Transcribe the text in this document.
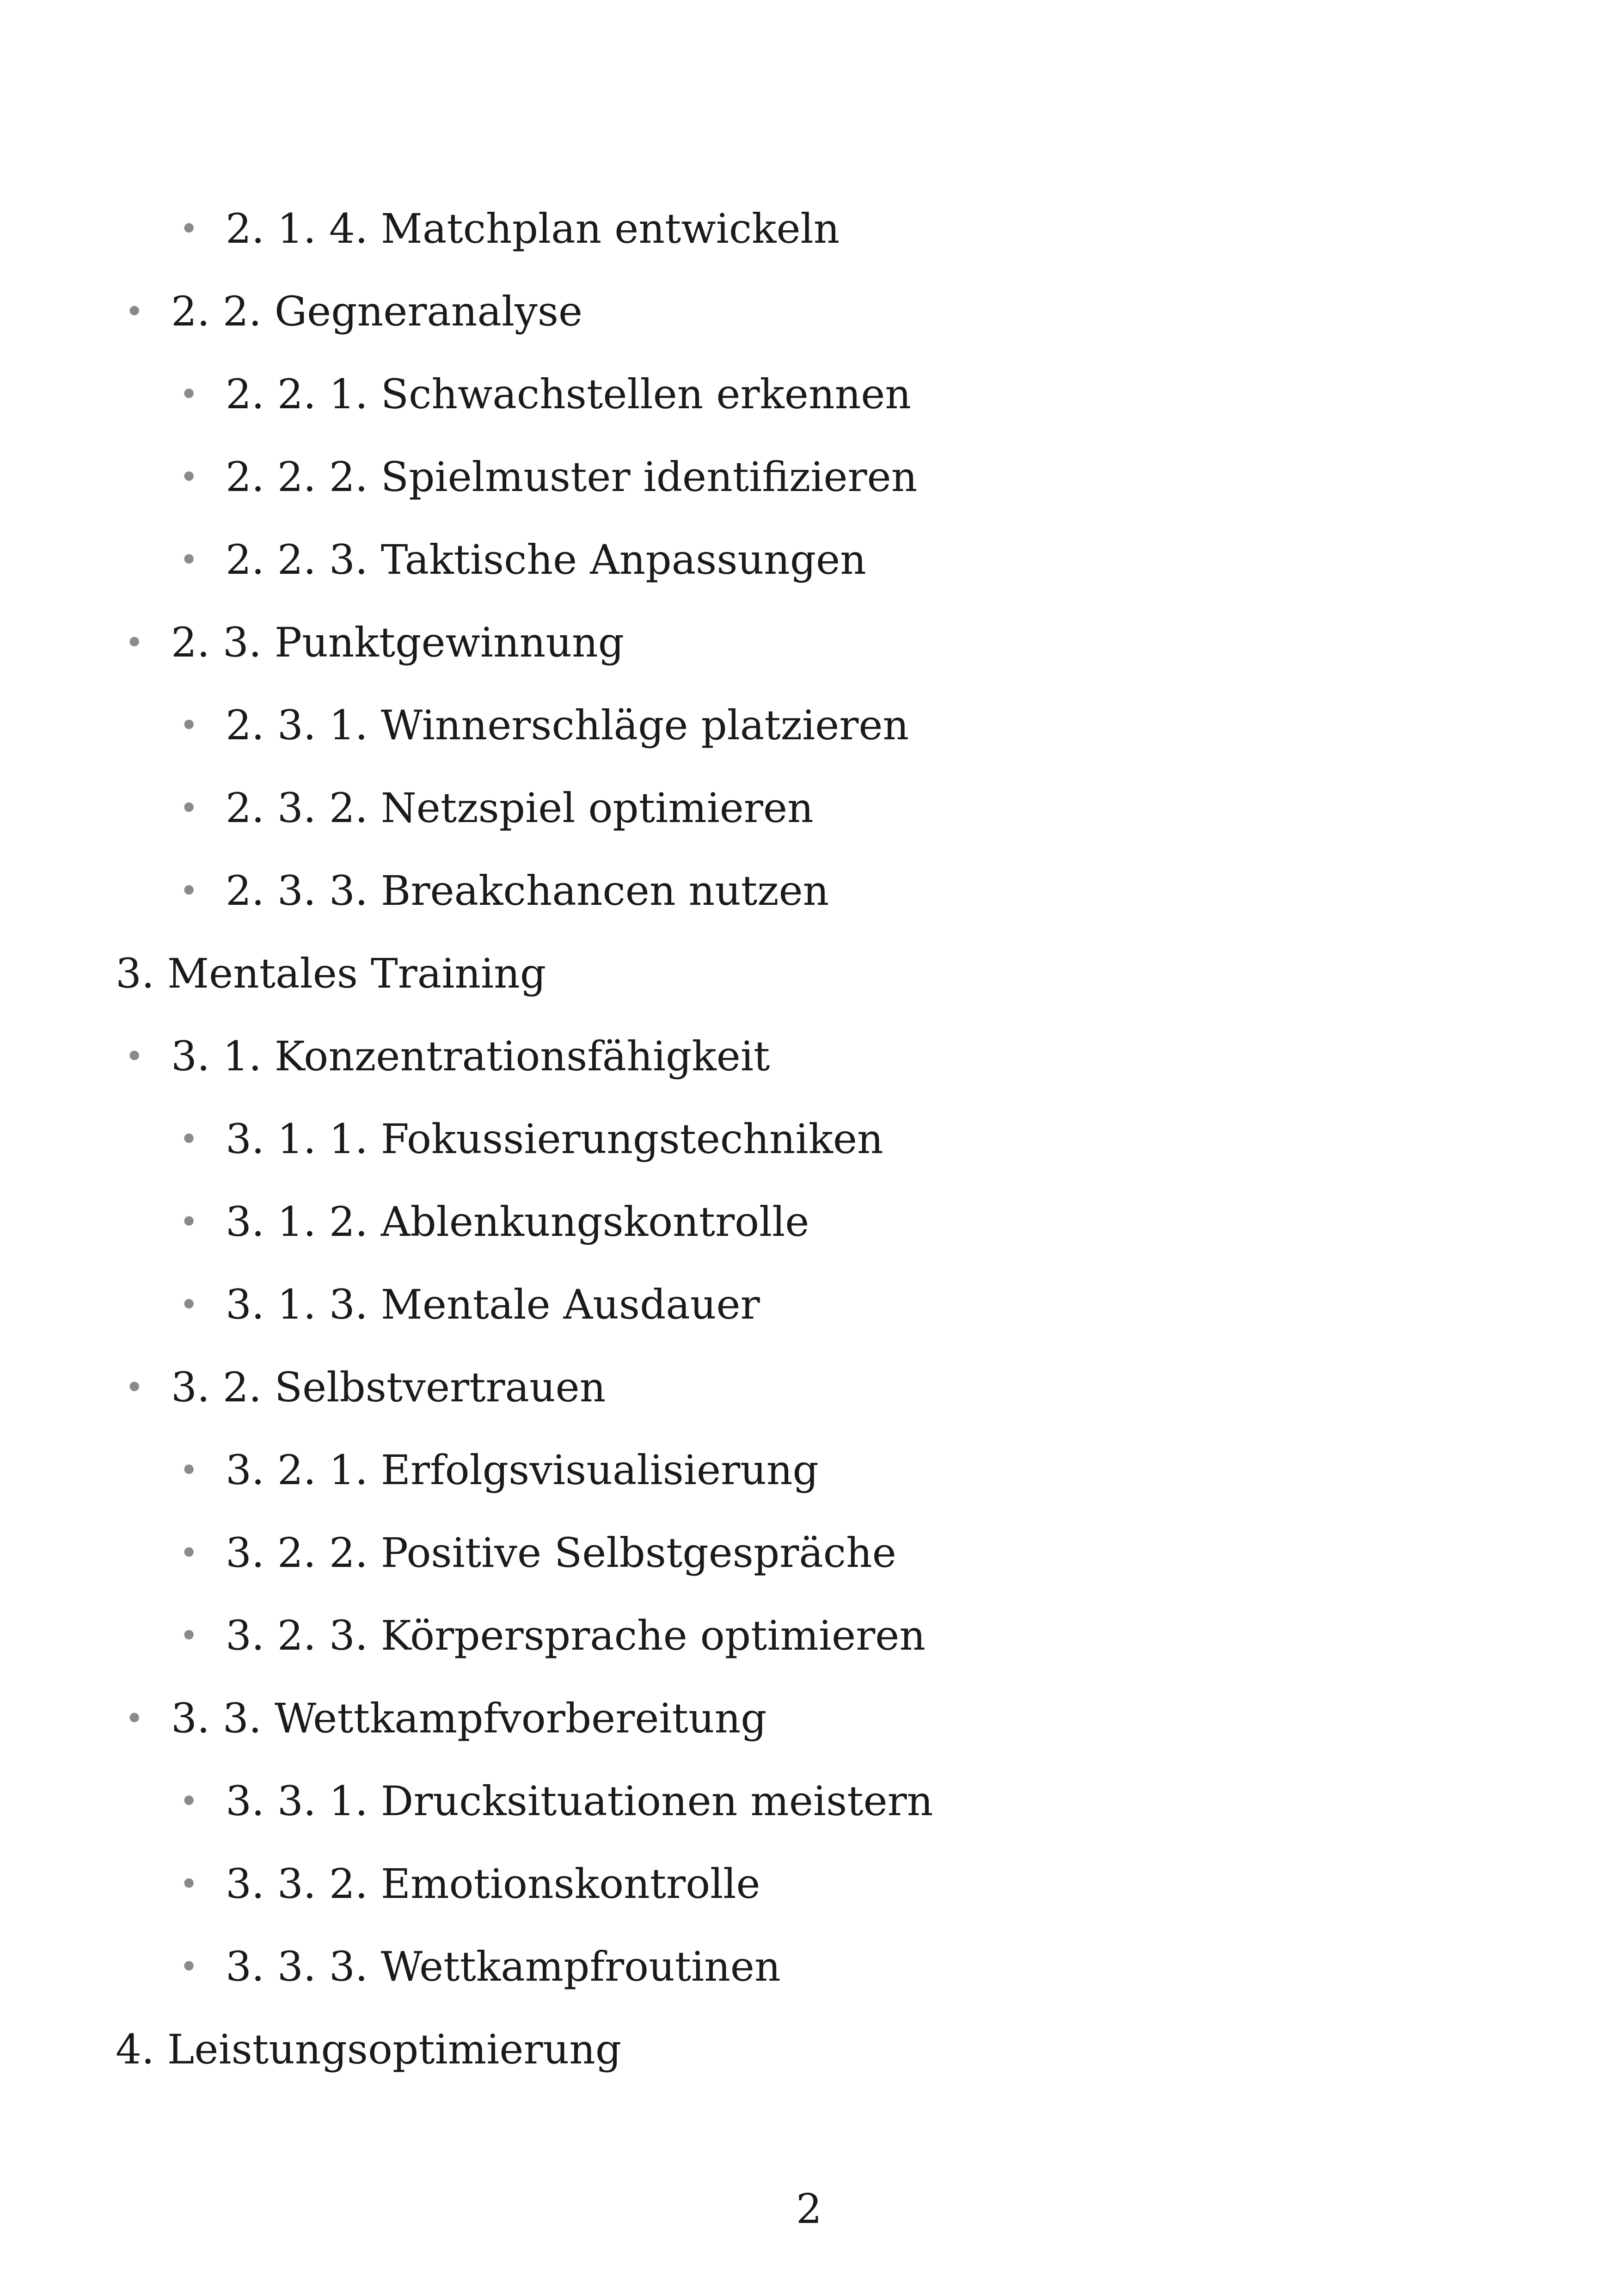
• 2. 1. 4. Matchplan entwickeln
• 2. 2. Gegneranalyse
• 2. 2. 1. Schwachstellen erkennen
• 2. 2. 2. Spielmuster identifizieren
• 2. 2. 3. Taktische Anpassungen
• 2. 3. Punktgewinnung
• 2. 3. 1. Winnerschläge platzieren
• 2. 3. 2. Netzspiel optimieren
• 2. 3. 3. Breakchancen nutzen
3. Mentales Training
• 3. 1. Konzentrationsfähigkeit
• 3. 1. 1. Fokussierungstechniken
• 3. 1. 2. Ablenkungskontrolle
• 3. 1. 3. Mentale Ausdauer
• 3. 2. Selbstvertrauen
• 3. 2. 1. Erfolgsvisualisierung
• 3. 2. 2. Positive Selbstgespräche
• 3. 2. 3. Körpersprache optimieren
• 3. 3. Wettkampfvorbereitung
• 3. 3. 1. Drucksituationen meistern
• 3. 3. 2. Emotionskontrolle
• 3. 3. 3. Wettkampfroutinen
4. Leistungsoptimierung
2
